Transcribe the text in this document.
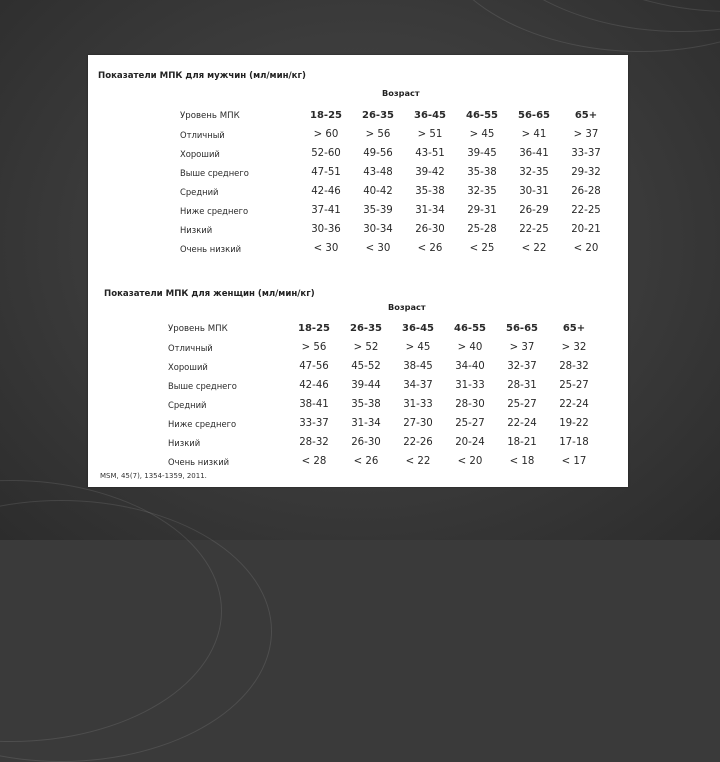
Показатели МПК для мужчин (мл/мин/кг)
Возраст
Уровень МПК	18-25	26-35	36-45	46-55	56-65	65+
Отличный	> 60	> 56	> 51	> 45	> 41	> 37
Хороший	52-60	49-56	43-51	39-45	36-41	33-37
Выше среднего	47-51	43-48	39-42	35-38	32-35	29-32
Средний	42-46	40-42	35-38	32-35	30-31	26-28
Ниже среднего	37-41	35-39	31-34	29-31	26-29	22-25
Низкий	30-36	30-34	26-30	25-28	22-25	20-21
Очень низкий	< 30	< 30	< 26	< 25	< 22	< 20
Показатели МПК для женщин (мл/мин/кг)
Возраст
Уровень МПК	18-25	26-35	36-45	46-55	56-65	65+
Отличный	> 56	> 52	> 45	> 40	> 37	> 32
Хороший	47-56	45-52	38-45	34-40	32-37	28-32
Выше среднего	42-46	39-44	34-37	31-33	28-31	25-27
Средний	38-41	35-38	31-33	28-30	25-27	22-24
Ниже среднего	33-37	31-34	27-30	25-27	22-24	19-22
Низкий	28-32	26-30	22-26	20-24	18-21	17-18
Очень низкий	< 28	< 26	< 22	< 20	< 18	< 17
MSM, 45(7), 1354-1359, 2011.
